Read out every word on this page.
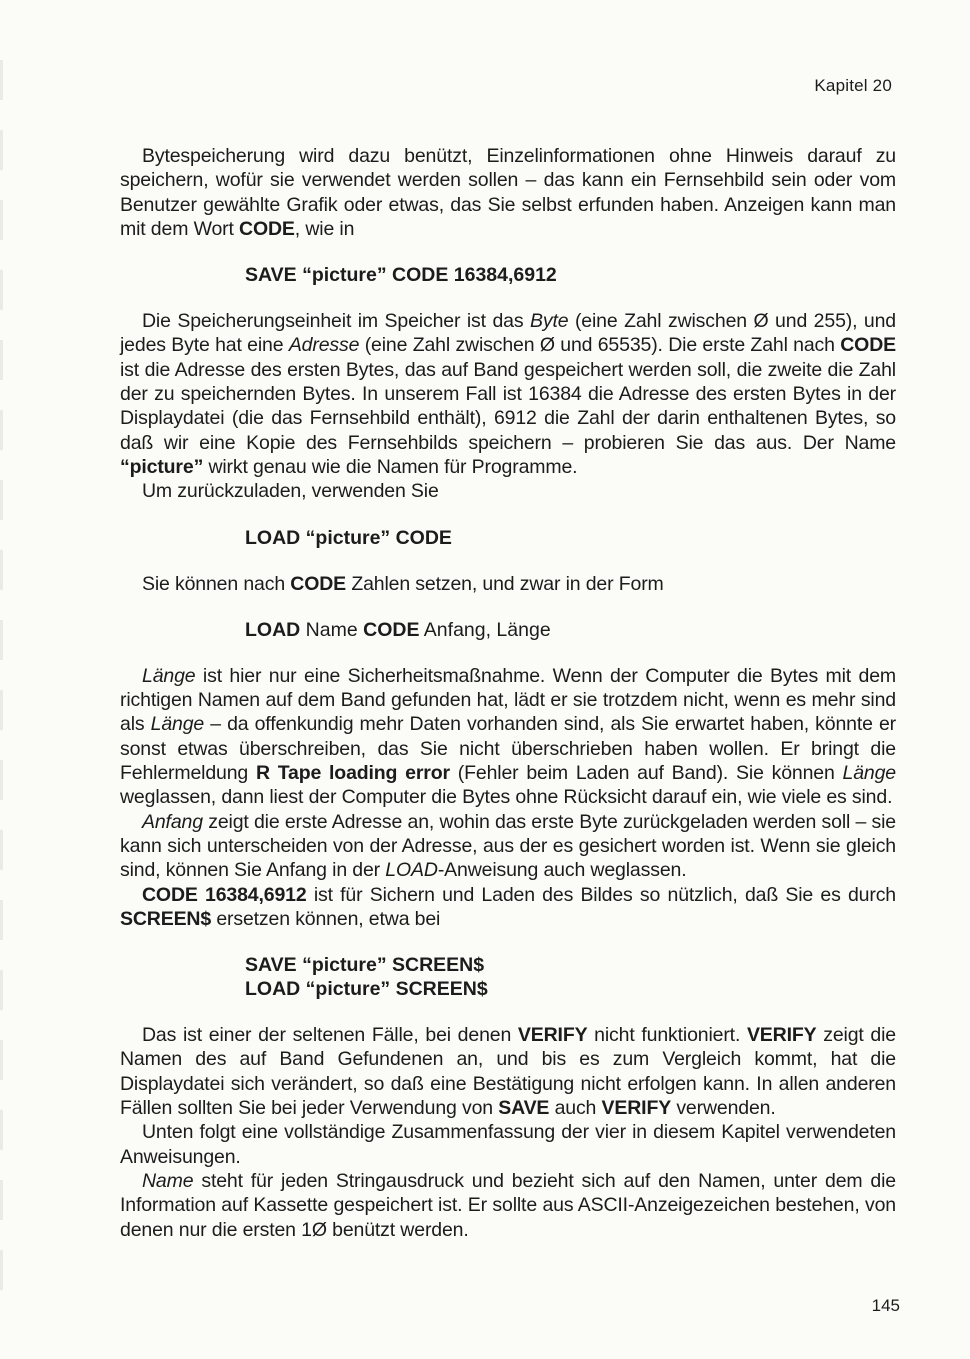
Kapitel 20

Bytespeicherung wird dazu benützt, Einzelinformationen ohne Hinweis darauf zu speichern, wofür sie verwendet werden sollen – das kann ein Fernsehbild sein oder vom Benutzer gewählte Grafik oder etwas, das Sie selbst erfunden haben. Anzeigen kann man mit dem Wort CODE, wie in

SAVE “picture” CODE 16384,6912

Die Speicherungseinheit im Speicher ist das Byte (eine Zahl zwischen Ø und 255), und jedes Byte hat eine Adresse (eine Zahl zwischen Ø und 65535). Die erste Zahl nach CODE ist die Adresse des ersten Bytes, das auf Band gespeichert werden soll, die zweite die Zahl der zu speichernden Bytes. In unserem Fall ist 16384 die Adresse des ersten Bytes in der Displaydatei (die das Fernsehbild enthält), 6912 die Zahl der darin enthaltenen Bytes, so daß wir eine Kopie des Fernsehbilds speichern – probieren Sie das aus. Der Name “picture” wirkt genau wie die Namen für Programme.

Um zurückzuladen, verwenden Sie

LOAD “picture” CODE

Sie können nach CODE Zahlen setzen, und zwar in der Form

LOAD Name CODE Anfang, Länge

Länge ist hier nur eine Sicherheitsmaßnahme. Wenn der Computer die Bytes mit dem richtigen Namen auf dem Band gefunden hat, lädt er sie trotzdem nicht, wenn es mehr sind als Länge – da offenkundig mehr Daten vorhanden sind, als Sie erwartet haben, könnte er sonst etwas überschreiben, das Sie nicht überschrieben haben wollen. Er bringt die Fehlermeldung R Tape loading error (Fehler beim Laden auf Band). Sie können Länge weglassen, dann liest der Computer die Bytes ohne Rücksicht darauf ein, wie viele es sind.

Anfang zeigt die erste Adresse an, wohin das erste Byte zurückgeladen werden soll – sie kann sich unterscheiden von der Adresse, aus der es gesichert worden ist. Wenn sie gleich sind, können Sie Anfang in der LOAD-Anweisung auch weglassen.

CODE 16384,6912 ist für Sichern und Laden des Bildes so nützlich, daß Sie es durch SCREEN$ ersetzen können, etwa bei

SAVE “picture” SCREEN$

LOAD “picture” SCREEN$

Das ist einer der seltenen Fälle, bei denen VERIFY nicht funktioniert. VERIFY zeigt die Namen des auf Band Gefundenen an, und bis es zum Vergleich kommt, hat die Displaydatei sich verändert, so daß eine Bestätigung nicht erfolgen kann. In allen anderen Fällen sollten Sie bei jeder Verwendung von SAVE auch VERIFY verwenden.

Unten folgt eine vollständige Zusammenfassung der vier in diesem Kapitel verwendeten Anweisungen.

Name steht für jeden Stringausdruck und bezieht sich auf den Namen, unter dem die Information auf Kassette gespeichert ist. Er sollte aus ASCII-Anzeigezeichen bestehen, von denen nur die ersten 1Ø benützt werden.

145
